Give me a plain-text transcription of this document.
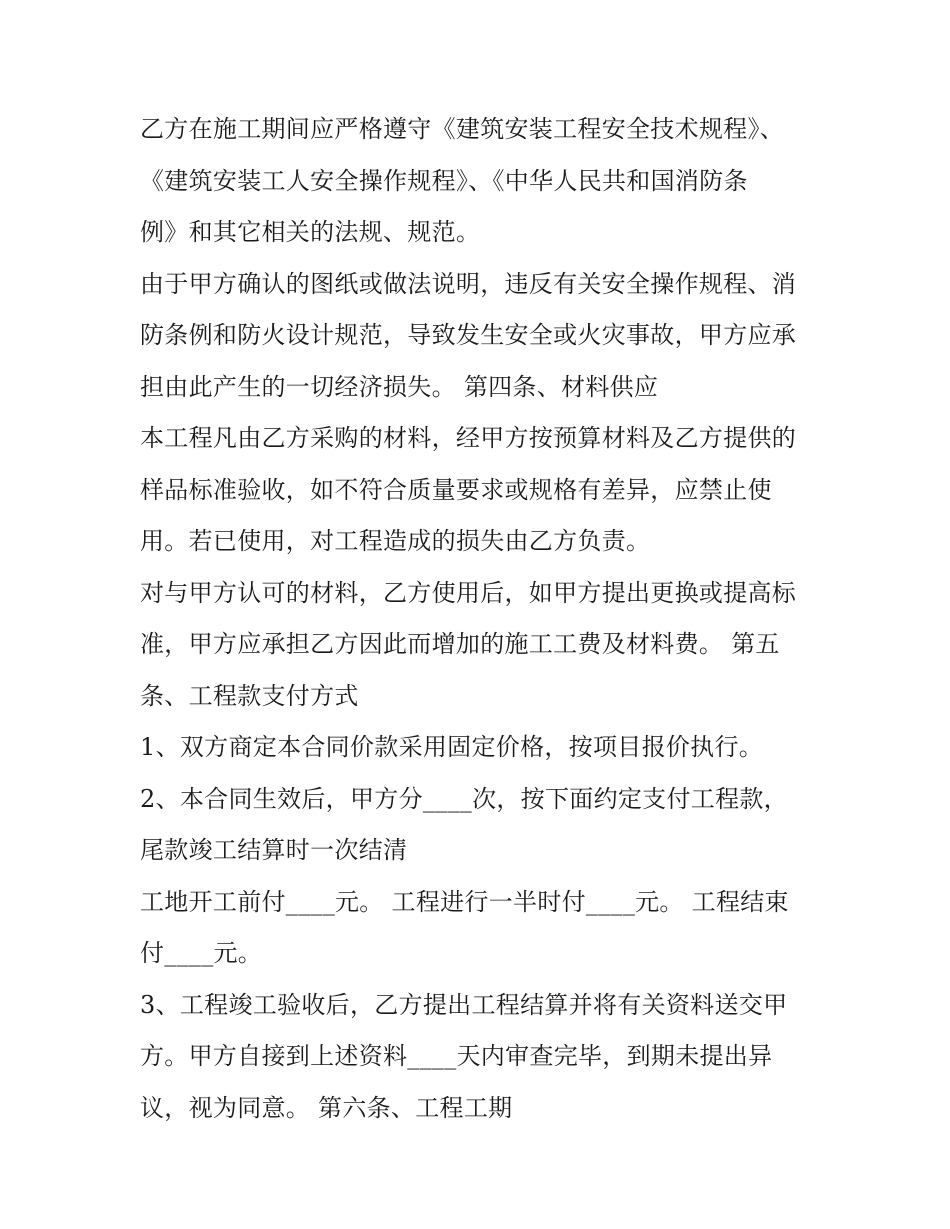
乙方在施工期间应严格遵守《建筑安装工程安全技术规程》、
《建筑安装工人安全操作规程》、《中华人民共和国消防条
例》和其它相关的法规、规范。
由于甲方确认的图纸或做法说明，违反有关安全操作规程、消
防条例和防火设计规范，导致发生安全或火灾事故，甲方应承
担由此产生的一切经济损失。 第四条、材料供应
本工程凡由乙方采购的材料，经甲方按预算材料及乙方提供的
样品标准验收，如不符合质量要求或规格有差异，应禁止使
用。若已使用，对工程造成的损失由乙方负责。
对与甲方认可的材料，乙方使用后，如甲方提出更换或提高标
准，甲方应承担乙方因此而增加的施工工费及材料费。 第五
条、工程款支付方式
1、双方商定本合同价款采用固定价格，按项目报价执行。
2、本合同生效后，甲方分____次，按下面约定支付工程款，
尾款竣工结算时一次结清
工地开工前付____元。 工程进行一半时付____元。 工程结束
付____元。
3、工程竣工验收后，乙方提出工程结算并将有关资料送交甲
方。甲方自接到上述资料____天内审查完毕，到期未提出异
议，视为同意。 第六条、工程工期
